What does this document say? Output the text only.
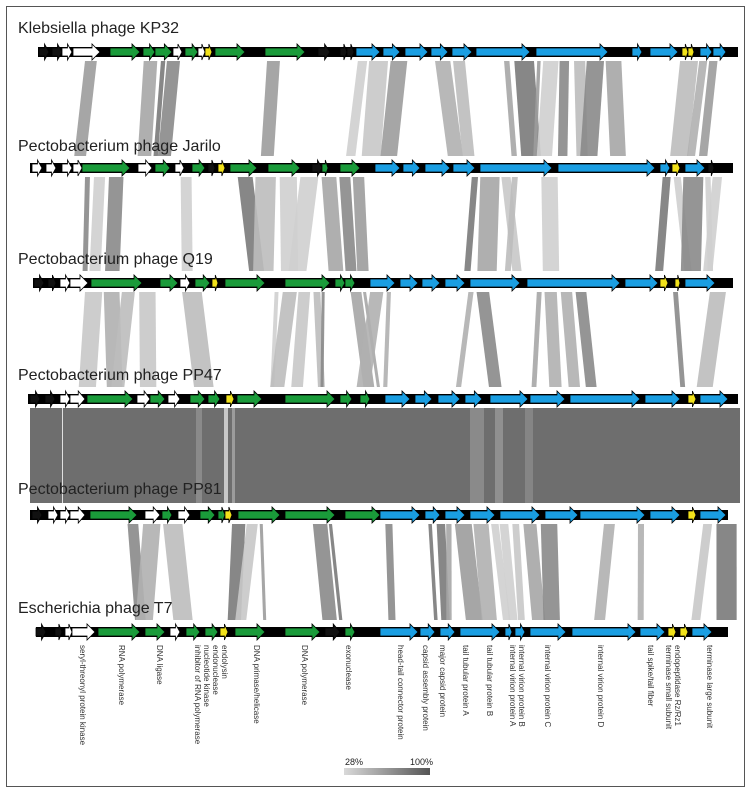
Klebsiella phage KP32
Pectobacterium phage Jarilo
Pectobacterium phage Q19
Pectobacterium phage PP47
Pectobacterium phage PP81
Escherichia phage T7
seryl-threonyl protein kinase	RNA polymerase	DNA ligase	inhibitor of RNA polymerase nucleotide kinase endonuclease endolysin	DNA primase/helicase	DNA polymerase	exonuclease	head-tail connector protein capsid assembly protein major capsid protein tail tubular protein A tail tubular protein B internal virion protein A internal virion protein B internal virion protein C	internal virion protein D	tail spike/tail fiber terminase small subunit endopeptidase Rz/Rz1	terminase large subunit
28%	100%
